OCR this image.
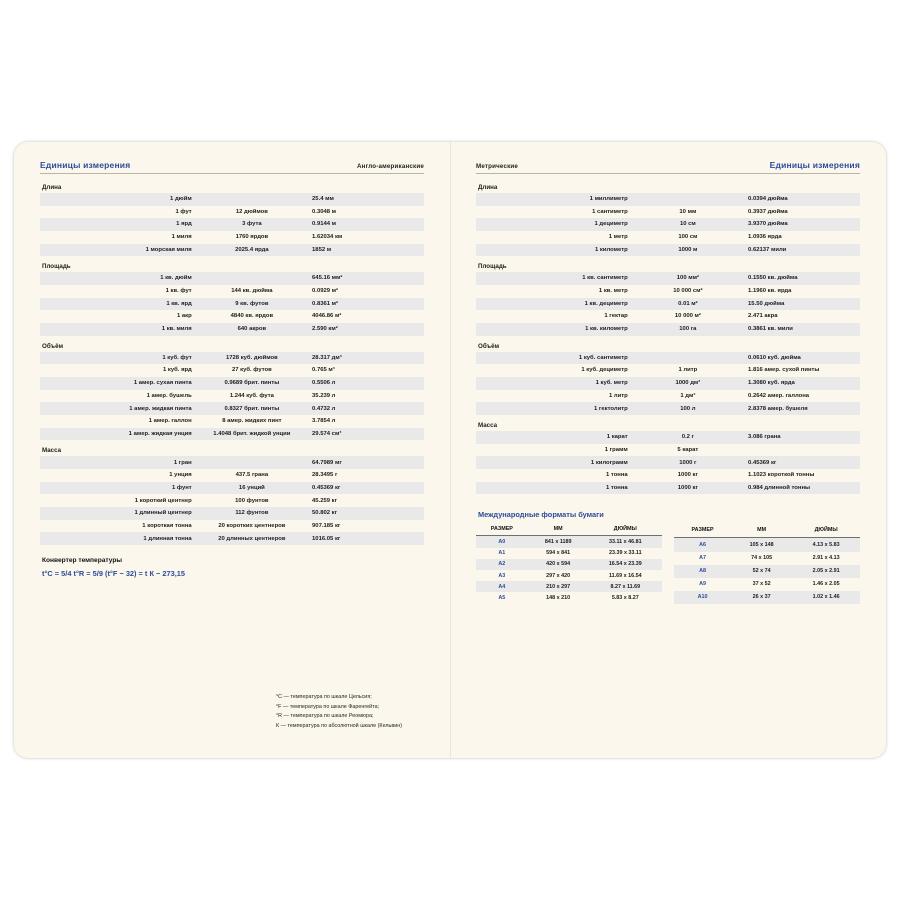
Единицы измерения	Англо-американские
Длина
1 дюйм		25.4 мм
1 фут	12 дюймов	0.3048 м
1 ярд	3 фута	0.9144 м
1 миля	1760 ярдов	1.62034 км
1 морская миля	2025.4 ярда	1852 м
Площадь
1 кв. дюйм		645.16 мм²
1 кв. фут	144 кв. дюйма	0.0929 м²
1 кв. ярд	9 кв. футов	0.8361 м²
1 акр	4840 кв. ярдов	4046.86 м²
1 кв. миля	640 акров	2.590 км²
Объём
1 куб. фут	1728 куб. дюймов	28.317 дм³
1 куб. ярд	27 куб. футов	0.765 м³
1 амер. сухая пинта	0.9689 брит. пинты	0.5506 л
1 амер. бушель	1.244 куб. фута	35.239 л
1 амер. жидкая пинта	0.8327 брит. пинты	0.4732 л
1 амер. галлон	8 амер. жидких пинт	3.7854 л
1 амер. жидкая унция	1.4048 брит. жидкой унции	29.574 см³
Масса
1 гран		64.7989 мг
1 унция	437.5 грана	28.3495 г
1 фунт	16 унций	0.45369 кг
1 короткий центнер	100 фунтов	45.259 кг
1 длинный центнер	112 фунтов	50.802 кг
1 короткая тонна	20 коротких центнеров	907.185 кг
1 длинная тонна	20 длинных центнеров	1016.05 кг
Конвертер температуры
t°C = 5/4 t°R = 5/9 (t°F − 32) = t К − 273,15
°C — температура по шкале Цельсия;
°F — температура по шкале Фаренгейта;
°R — температура по шкале Реомюра;
К — температура по абсолютной шкале (Кельвин)
Метрические	Единицы измерения
Длина
1 миллиметр		0.0394 дюйма
1 сантиметр	10 мм	0.3937 дюйма
1 дециметр	10 см	3.9370 дюйма
1 метр	100 см	1.0936 ярда
1 километр	1000 м	0.62137 мили
Площадь
1 кв. сантиметр	100 мм²	0.1550 кв. дюйма
1 кв. метр	10 000 см²	1.1960 кв. ярда
1 кв. дециметр	0.01 м²	15.50 дюйма
1 гектар	10 000 м²	2.471 акра
1 кв. километр	100 га	0.3861 кв. мили
Объём
1 куб. сантиметр		0.0610 куб. дюйма
1 куб. дециметр	1 литр	1.816 амер. сухой пинты
1 куб. метр	1000 дм³	1.3080 куб. ярда
1 литр	1 дм³	0.2642 амер. галлона
1 гектолитр	100 л	2.8378 амер. бушеля
Масса
1 карат	0.2 г	3.086 грана
1 грамм	5 карат	
1 килограмм	1000 г	0.45369 кг
1 тонна	1000 кг	1.1023 короткой тонны
1 тонна	1000 кг	0.984 длинной тонны
Международные форматы бумаги
РАЗМЕР	ММ	ДЮЙМЫ
A0	841 x 1189	33.11 x 46.81
A1	594 x 841	23.39 x 33.11
A2	420 x 594	16.54 x 23.39
A3	297 x 420	11.69 x 16.54
A4	210 x 297	8.27 x 11.69
A5	148 x 210	5.83 x 8.27
РАЗМЕР	ММ	ДЮЙМЫ
A6	105 x 148	4.13 x 5.83
A7	74 x 105	2.91 x 4.13
A8	52 x 74	2.05 x 2.91
A9	37 x 52	1.46 x 2.05
A10	26 x 37	1.02 x 1.46
